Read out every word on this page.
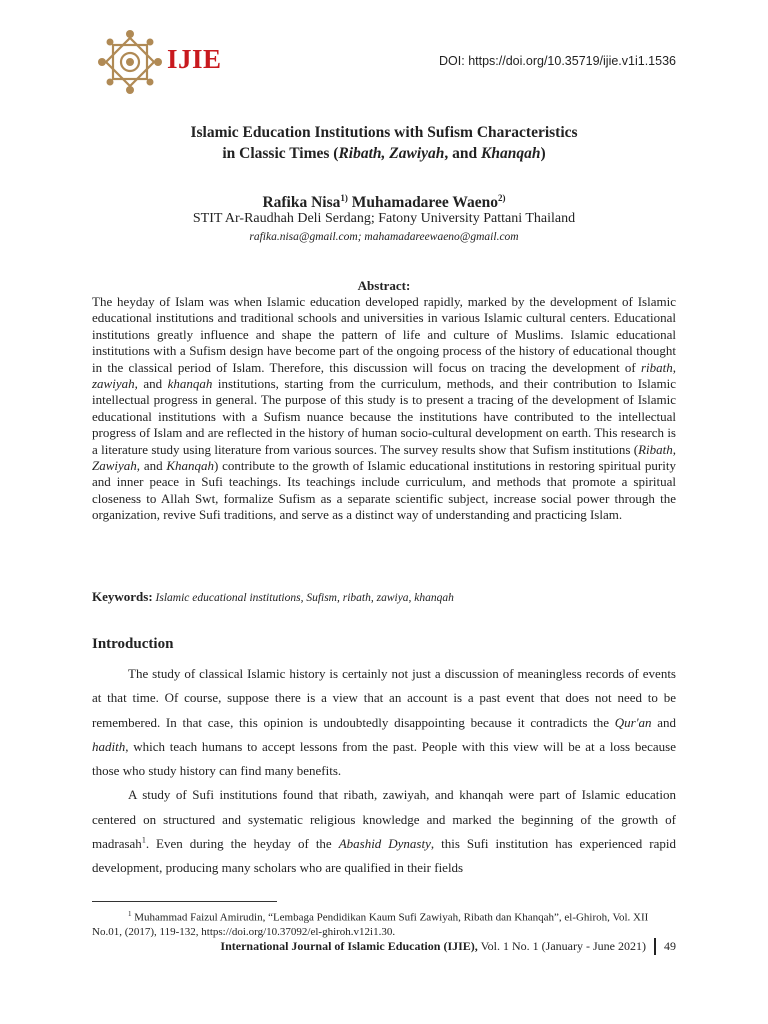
IJIE	DOI: https://doi.org/10.35719/ijie.v1i1.1536
Islamic Education Institutions with Sufism Characteristics
in Classic Times (Ribath, Zawiyah, and Khanqah)
Rafika Nisa$^{1)}$ Muhamadaree Waeno$^{2)}$
STIT Ar-Raudhah Deli Serdang; Fatony University Pattani Thailand
rafika.nisa@gmail.com; mahamadareewaeno@gmail.com
Abstract:

The heyday of Islam was when Islamic education developed rapidly, marked by the development of Islamic educational institutions and traditional schools and universities in various Islamic cultural centers. Educational institutions greatly influence and shape the pattern of life and culture of Muslims. Islamic educational institutions with a Sufism design have become part of the ongoing process of the history of educational thought in the classical period of Islam. Therefore, this discussion will focus on tracing the development of ribath, zawiyah, and khanqah institutions, starting from the curriculum, methods, and their contribution to Islamic intellectual progress in general. The purpose of this study is to present a tracing of the development of Islamic educational institutions with a Sufism nuance because the institutions have contributed to the intellectual progress of Islam and are reflected in the history of human socio-cultural development on earth. This research is a literature study using literature from various sources. The survey results show that Sufism institutions (Ribath, Zawiyah, and Khanqah) contribute to the growth of Islamic educational institutions in restoring spiritual purity and inner peace in Sufi teachings. Its teachings include curriculum, and methods that promote a spiritual closeness to Allah Swt, formalize Sufism as a separate scientific subject, increase social power through the organization, revive Sufi traditions, and serve as a distinct way of understanding and practicing Islam.

Keywords: Islamic educational institutions, Sufism, ribath, zawiya, khanqah
Introduction

The study of classical Islamic history is certainly not just a discussion of meaningless records of events at that time. Of course, suppose there is a view that an account is a past event that does not need to be remembered. In that case, this opinion is undoubtedly disappointing because it contradicts the Qur'an and hadith, which teach humans to accept lessons from the past. People with this view will be at a loss because those who study history can find many benefits.

A study of Sufi institutions found that ribath, zawiyah, and khanqah were part of Islamic education centered on structured and systematic religious knowledge and marked the beginning of the growth of madrasah$^1$. Even during the heyday of the Abashid Dynasty, this Sufi institution has experienced rapid development, producing many scholars who are qualified in their fields

$^1$ Muhammad Faizul Amirudin, “Lembaga Pendidikan Kaum Sufi Zawiyah, Ribath dan Khanqah”, el-Ghiroh, Vol. XII No.01, (2017), 119-132, https://doi.org/10.37092/el-ghiroh.v12i1.30.
International Journal of Islamic Education (IJIE), Vol. 1 No. 1 (January - June 2021) 49
